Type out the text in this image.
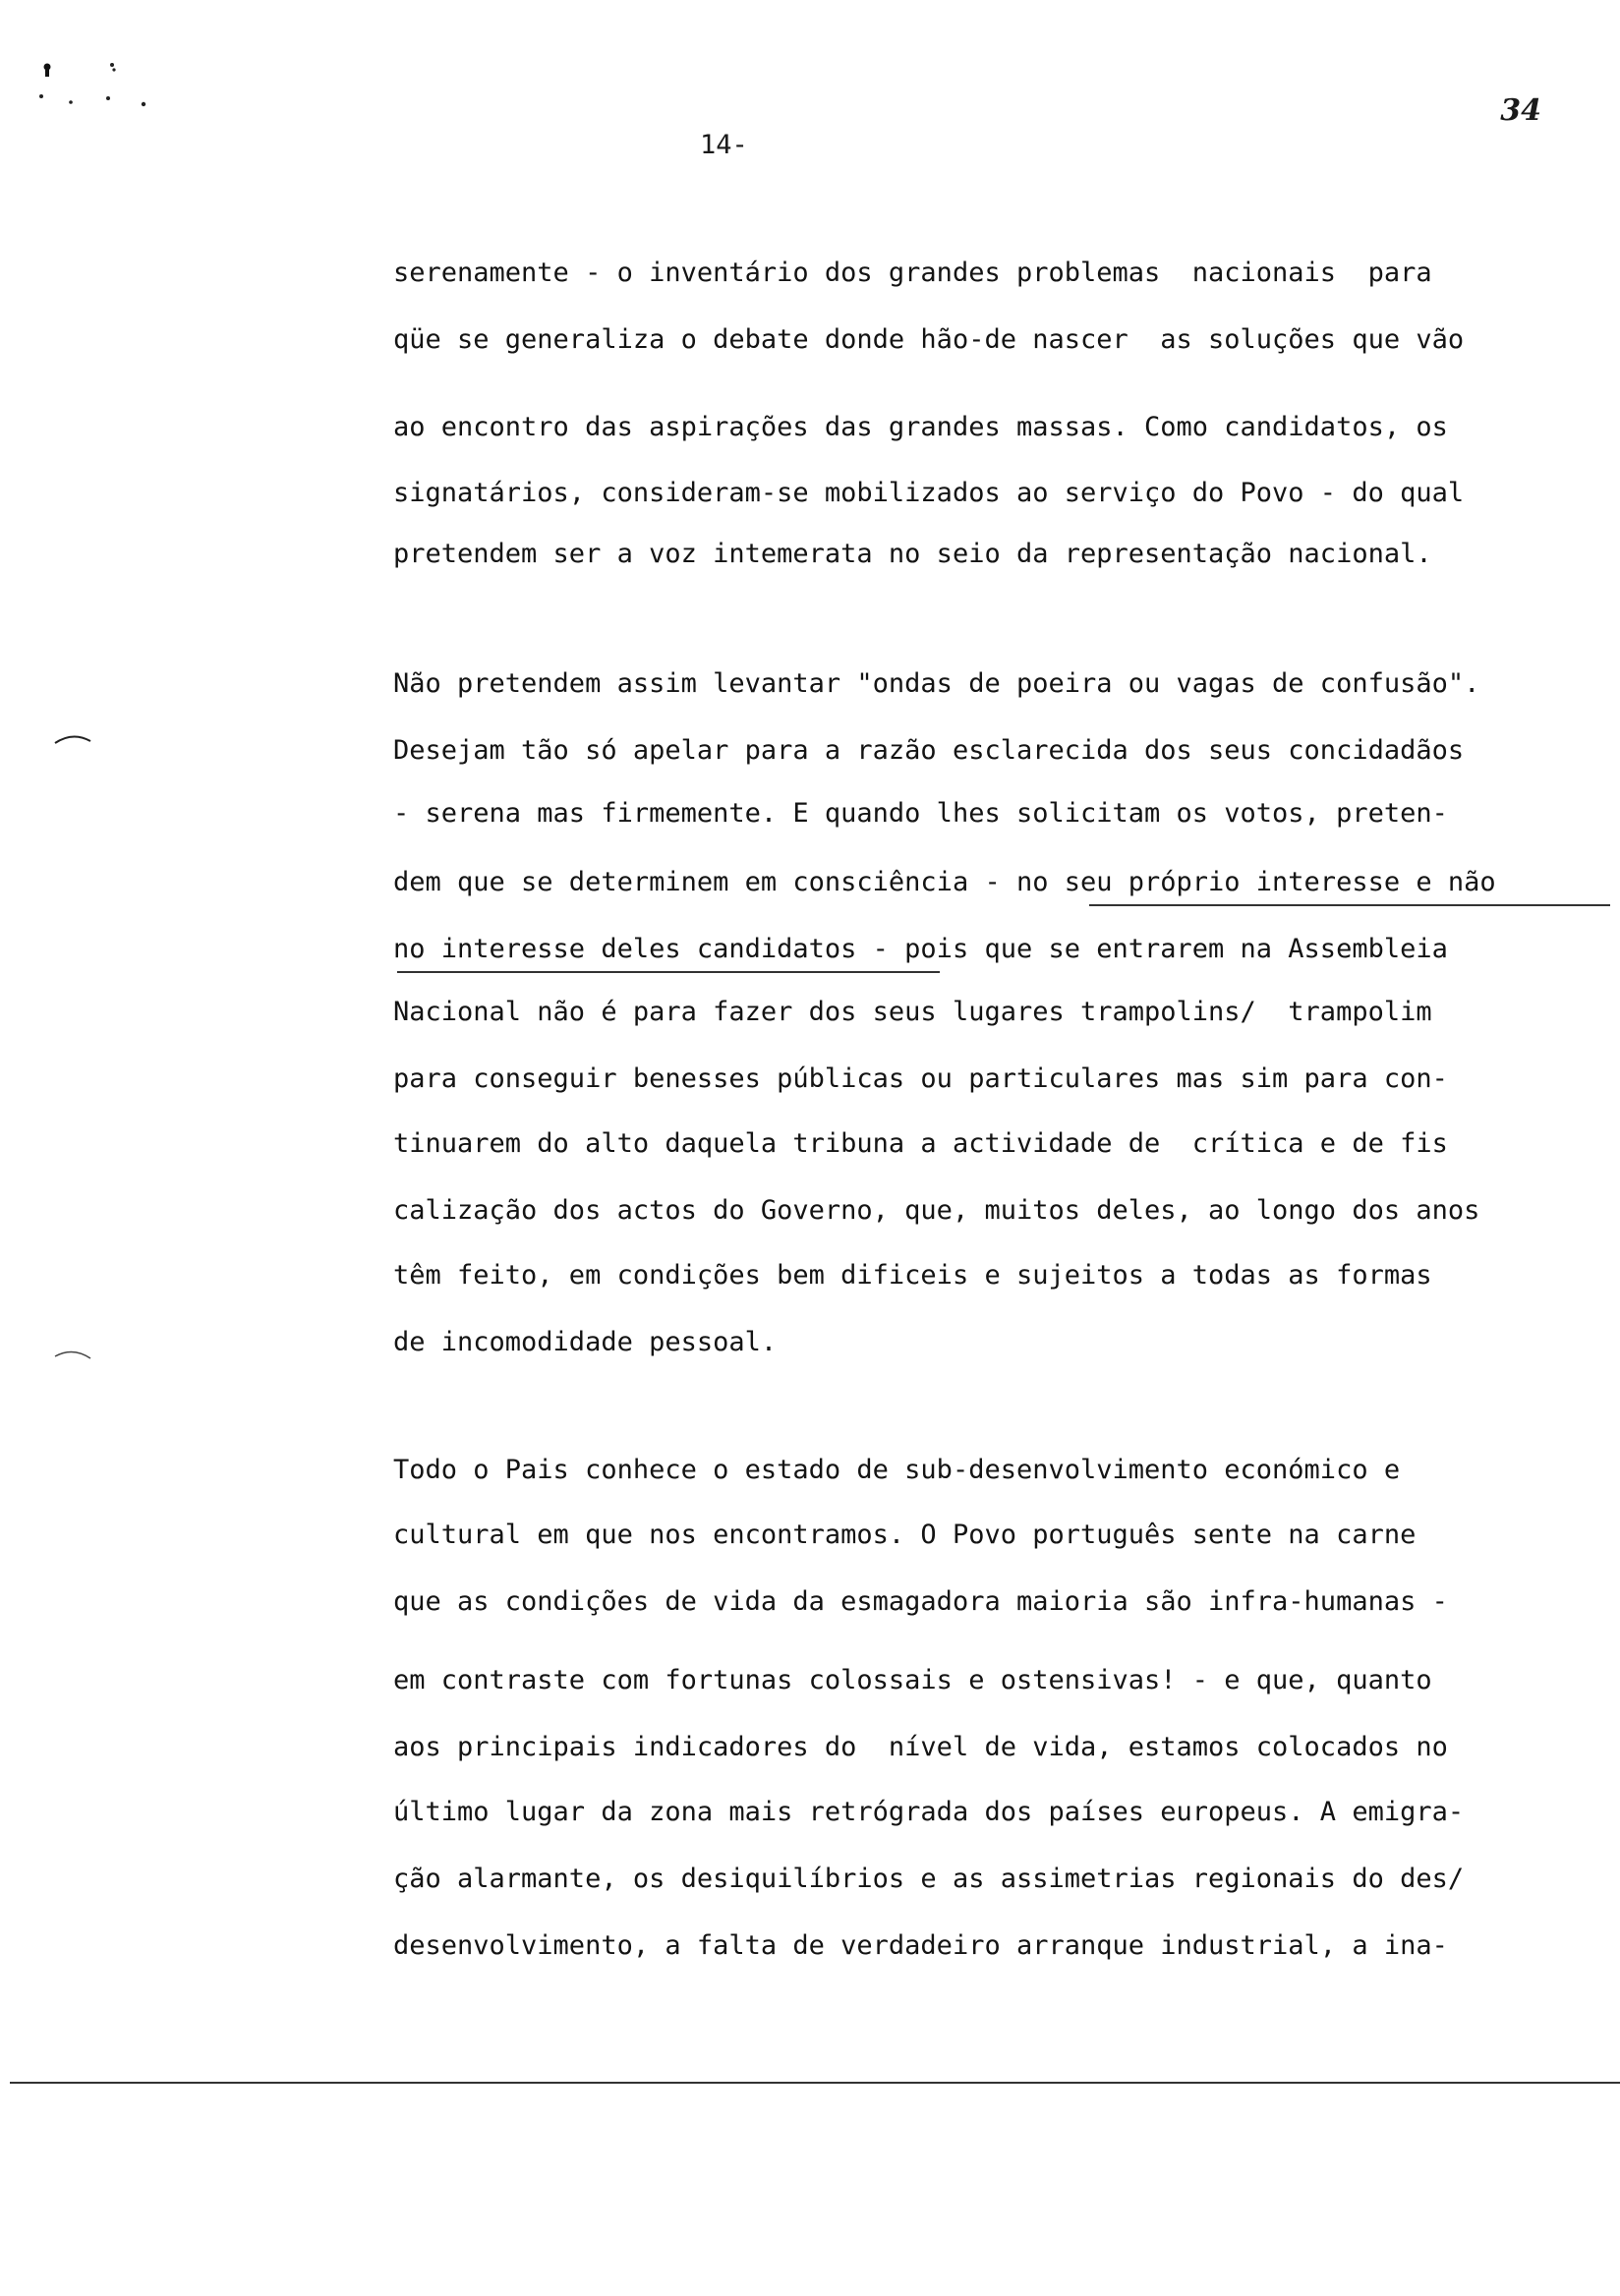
34
14-
serenamente - o inventário dos grandes problemas  nacionais  para
qüe se generaliza o debate donde hão-de nascer  as soluções que vão
ao encontro das aspirações das grandes massas. Como candidatos, os
signatários, consideram-se mobilizados ao serviço do Povo - do qual
pretendem ser a voz intemerata no seio da representação nacional.
Não pretendem assim levantar "ondas de poeira ou vagas de confusão".
Desejam tão só apelar para a razão esclarecida dos seus concidadãos
- serena mas firmemente. E quando lhes solicitam os votos, preten-
dem que se determinem em consciência - no seu próprio interesse e não
no interesse deles candidatos - pois que se entrarem na Assembleia
Nacional não é para fazer dos seus lugares trampolins/  trampolim
para conseguir benesses públicas ou particulares mas sim para con-
tinuarem do alto daquela tribuna a actividade de  crítica e de fis
calização dos actos do Governo, que, muitos deles, ao longo dos anos
têm feito, em condições bem dificeis e sujeitos a todas as formas
de incomodidade pessoal.
Todo o Pais conhece o estado de sub-desenvolvimento económico e
cultural em que nos encontramos. O Povo português sente na carne
que as condições de vida da esmagadora maioria são infra-humanas -
em contraste com fortunas colossais e ostensivas! - e que, quanto
aos principais indicadores do  nível de vida, estamos colocados no
último lugar da zona mais retrógrada dos países europeus. A emigra-
ção alarmante, os desiquilíbrios e as assimetrias regionais do des/
desenvolvimento, a falta de verdadeiro arranque industrial, a ina-
